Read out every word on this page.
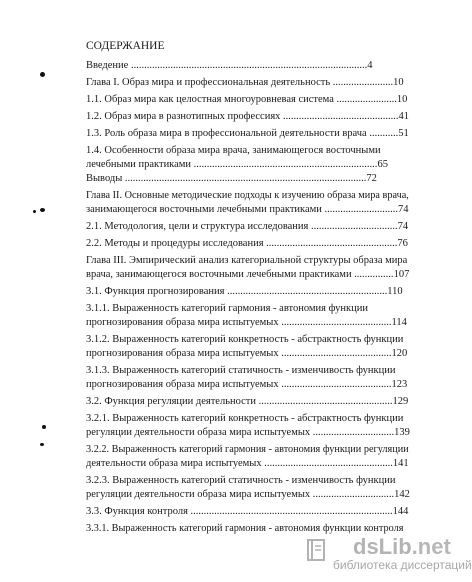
СОДЕРЖАНИЕ
Введение ..........................................................................................4
Глава I. Образ мира и профессиональная деятельность .......................10
1.1. Образ мира как целостная многоуровневая система .......................10
1.2. Образ мира в разнотипных профессиях ............................................41
1.3. Роль образа мира в профессиональной деятельности врача ...........51
1.4. Особенности образа мира врача, занимающегося восточными
лечебными практиками ......................................................................65
Выводы ............................................................................................72
Глава II. Основные методические подходы к изучению образа мира врача,
занимающегося восточными лечебными практиками ............................74
2.1. Методология, цели и структура исследования .................................74
2.2. Методы и процедуры исследования ..................................................76
Глава III. Эмпирический анализ категориальной структуры образа мира
врача, занимающегося восточными лечебными практиками ...............107
3.1. Функция прогнозирования .............................................................110
3.1.1. Выраженность категорий гармония - автономия функции
прогнозирования образа мира испытуемых ..........................................114
3.1.2. Выраженность категорий конкретность - абстрактность функции
прогнозирования образа мира испытуемых ..........................................120
3.1.3. Выраженность категорий статичность - изменчивость функции
прогнозирования образа мира испытуемых ..........................................123
3.2. Функция регуляции деятельности ...................................................129
3.2.1. Выраженность категорий конкретность - абстрактность функции
регуляции деятельности образа мира испытуемых ...............................139
3.2.2. Выраженность категорий гармония - автономия функции регуляции
деятельности образа мира испытуемых .................................................141
3.2.3. Выраженность категорий статичность - изменчивость функции
регуляции деятельности образа мира испытуемых ...............................142
3.3. Функция контроля .............................................................................144
3.3.1. Выраженность категорий гармония - автономия функции контроля
dsLib.net
библиотека диссертаций
